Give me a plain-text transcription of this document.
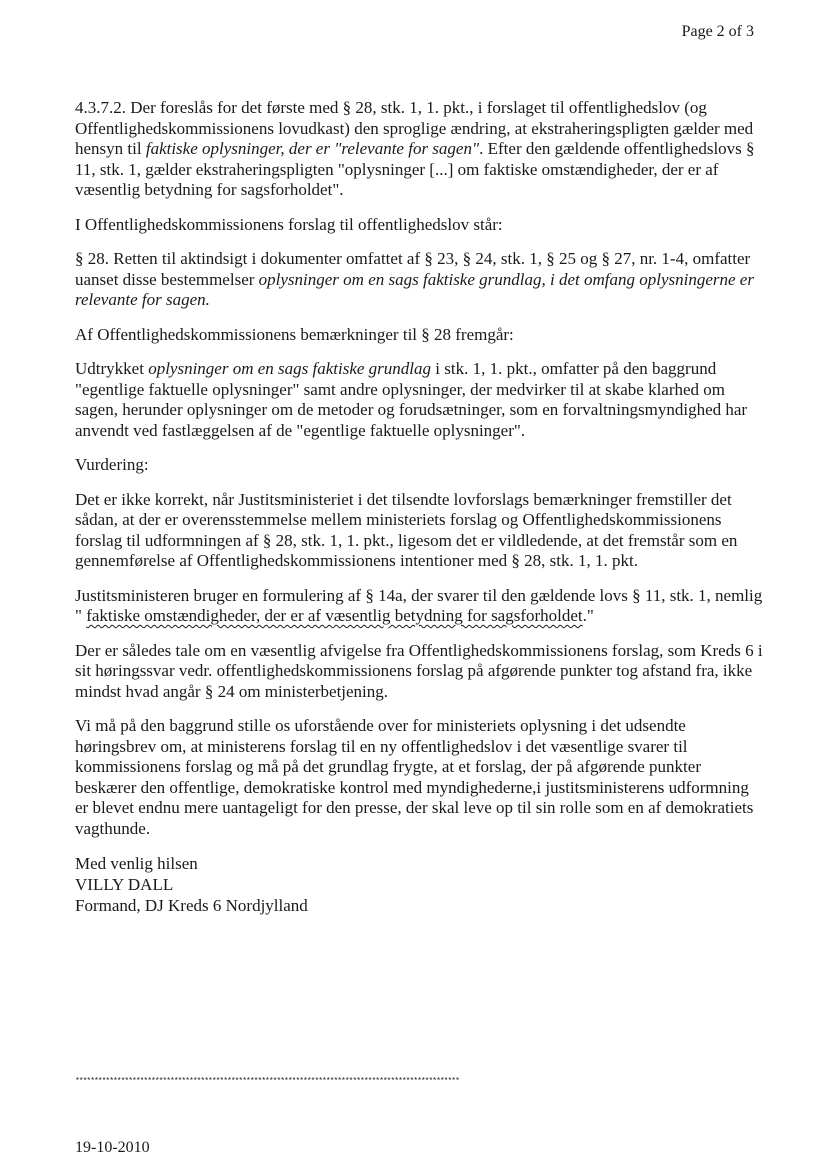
Page 2 of 3

4.3.7.2. Der foreslås for det første med § 28, stk. 1, 1. pkt., i forslaget til offentlighedslov (og Offentlighedskommissionens lovudkast) den sproglige ændring, at ekstraheringspligten gælder med hensyn til faktiske oplysninger, der er "relevante for sagen". Efter den gældende offentlighedslovs § 11, stk. 1, gælder ekstraheringspligten "oplysninger [...] om faktiske omstændigheder, der er af væsentlig betydning for sagsforholdet".

I Offentlighedskommissionens forslag til offentlighedslov står:

§ 28. Retten til aktindsigt i dokumenter omfattet af § 23, § 24, stk. 1, § 25 og § 27, nr. 1-4, omfatter uanset disse bestemmelser oplysninger om en sags faktiske grundlag, i det omfang oplysningerne er relevante for sagen.

Af Offentlighedskommissionens bemærkninger til § 28 fremgår:

Udtrykket oplysninger om en sags faktiske grundlag i stk. 1, 1. pkt., omfatter på den baggrund "egentlige faktuelle oplysninger" samt andre oplysninger, der medvirker til at skabe klarhed om sagen, herunder oplysninger om de metoder og forudsætninger, som en forvaltningsmyndighed har anvendt ved fastlæggelsen af de "egentlige faktuelle oplysninger".

Vurdering:

Det er ikke korrekt, når Justitsministeriet i det tilsendte lovforslags bemærkninger fremstiller det sådan, at der er overensstemmelse mellem ministeriets forslag og Offentlighedskommissionens forslag til udformningen af § 28, stk. 1, 1. pkt., ligesom det er vildledende, at det fremstår som en gennemførelse af Offentlighedskommissionens intentioner med § 28, stk. 1, 1. pkt.

Justitsministeren bruger en formulering af § 14a, der svarer til den gældende lovs § 11, stk. 1, nemlig " faktiske omstændigheder, der er af væsentlig betydning for sagsforholdet."

Der er således tale om en væsentlig afvigelse fra Offentlighedskommissionens forslag, som Kreds 6 i sit høringssvar vedr. offentlighedskommissionens forslag på afgørende punkter tog afstand fra, ikke mindst hvad angår § 24 om ministerbetjening.

Vi må på den baggrund stille os uforstående over for ministeriets oplysning i det udsendte høringsbrev om, at ministerens forslag til en ny offentlighedslov i det væsentlige svarer til kommissionens forslag og må på det grundlag frygte, at et forslag, der på afgørende punkter beskærer den offentlige, demokratiske kontrol med myndighederne,i justitsministerens udformning er blevet endnu mere uantageligt for den presse, der skal leve op til sin rolle som en af demokratiets vagthunde.

Med venlig hilsen
VILLY DALL
Formand, DJ Kreds 6 Nordjylland
*****************************************************************************************************
19-10-2010
